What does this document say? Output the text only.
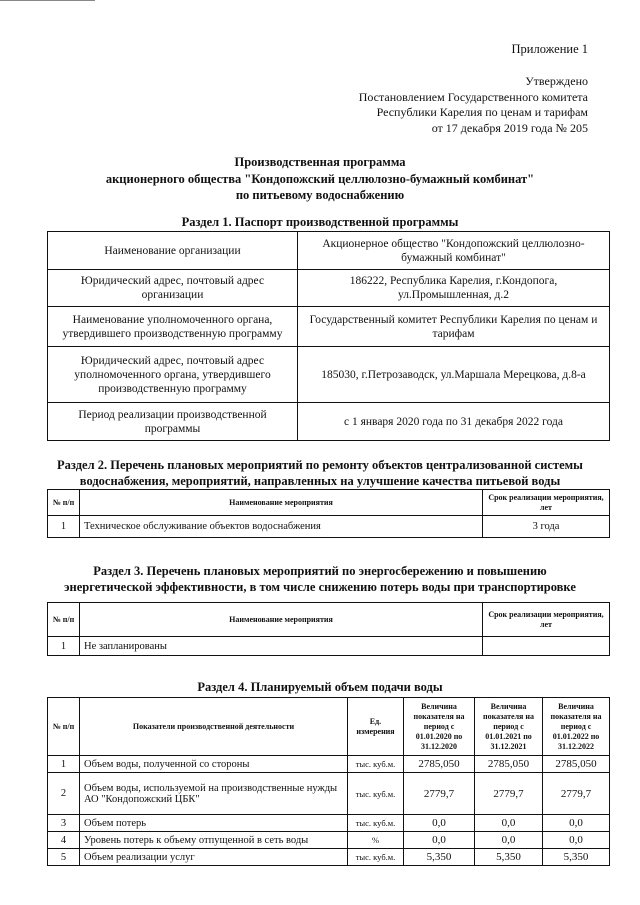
Приложение 1
Утверждено
Постановлением Государственного комитета
Республики Карелия по ценам и тарифам
от 17 декабря 2019 года № 205
Производственная программа
акционерного общества "Кондопожский целлюлозно-бумажный комбинат"
по питьевому водоснабжению
Раздел 1. Паспорт производственной программы
Наименование организации	Акционерное общество "Кондопожский целлюлозно-бумажный комбинат"
Юридический адрес, почтовый адрес организации	186222, Республика Карелия, г.Кондопога, ул.Промышленная, д.2
Наименование уполномоченного органа, утвердившего производственную программу	Государственный комитет Республики Карелия по ценам и тарифам
Юридический адрес, почтовый адрес уполномоченного органа, утвердившего производственную программу	185030, г.Петрозаводск, ул.Маршала Мерецкова, д.8-а
Период реализации производственной программы	с 1 января 2020 года по 31 декабря 2022 года
Раздел 2. Перечень плановых мероприятий по ремонту объектов централизованной системы
водоснабжения, мероприятий, направленных на улучшение качества питьевой воды
№ п/п	Наименование мероприятия	Срок реализации мероприятия, лет
1	Техническое обслуживание объектов водоснабжения	3 года
Раздел 3. Перечень плановых мероприятий по энергосбережению и повышению
энергетической эффективности, в том числе снижению потерь воды при транспортировке
№ п/п	Наименование мероприятия	Срок реализации мероприятия, лет
1	Не запланированы	
Раздел 4. Планируемый объем подачи воды
№ п/п	Показатели производственной деятельности	Ед. измерения	Величина показателя на период с 01.01.2020 по 31.12.2020	Величина показателя на период с 01.01.2021 по 31.12.2021	Величина показателя на период с 01.01.2022 по 31.12.2022
1	Объем воды, полученной со стороны	тыс. куб.м.	2785,050	2785,050	2785,050
2	Объем воды, используемой на производственные нужды АО "Кондопожский ЦБК"	тыс. куб.м.	2779,7	2779,7	2779,7
3	Объем потерь	тыс. куб.м.	0,0	0,0	0,0
4	Уровень потерь к объему отпущенной в сеть воды	%	0,0	0,0	0,0
5	Объем реализации услуг	тыс. куб.м.	5,350	5,350	5,350
